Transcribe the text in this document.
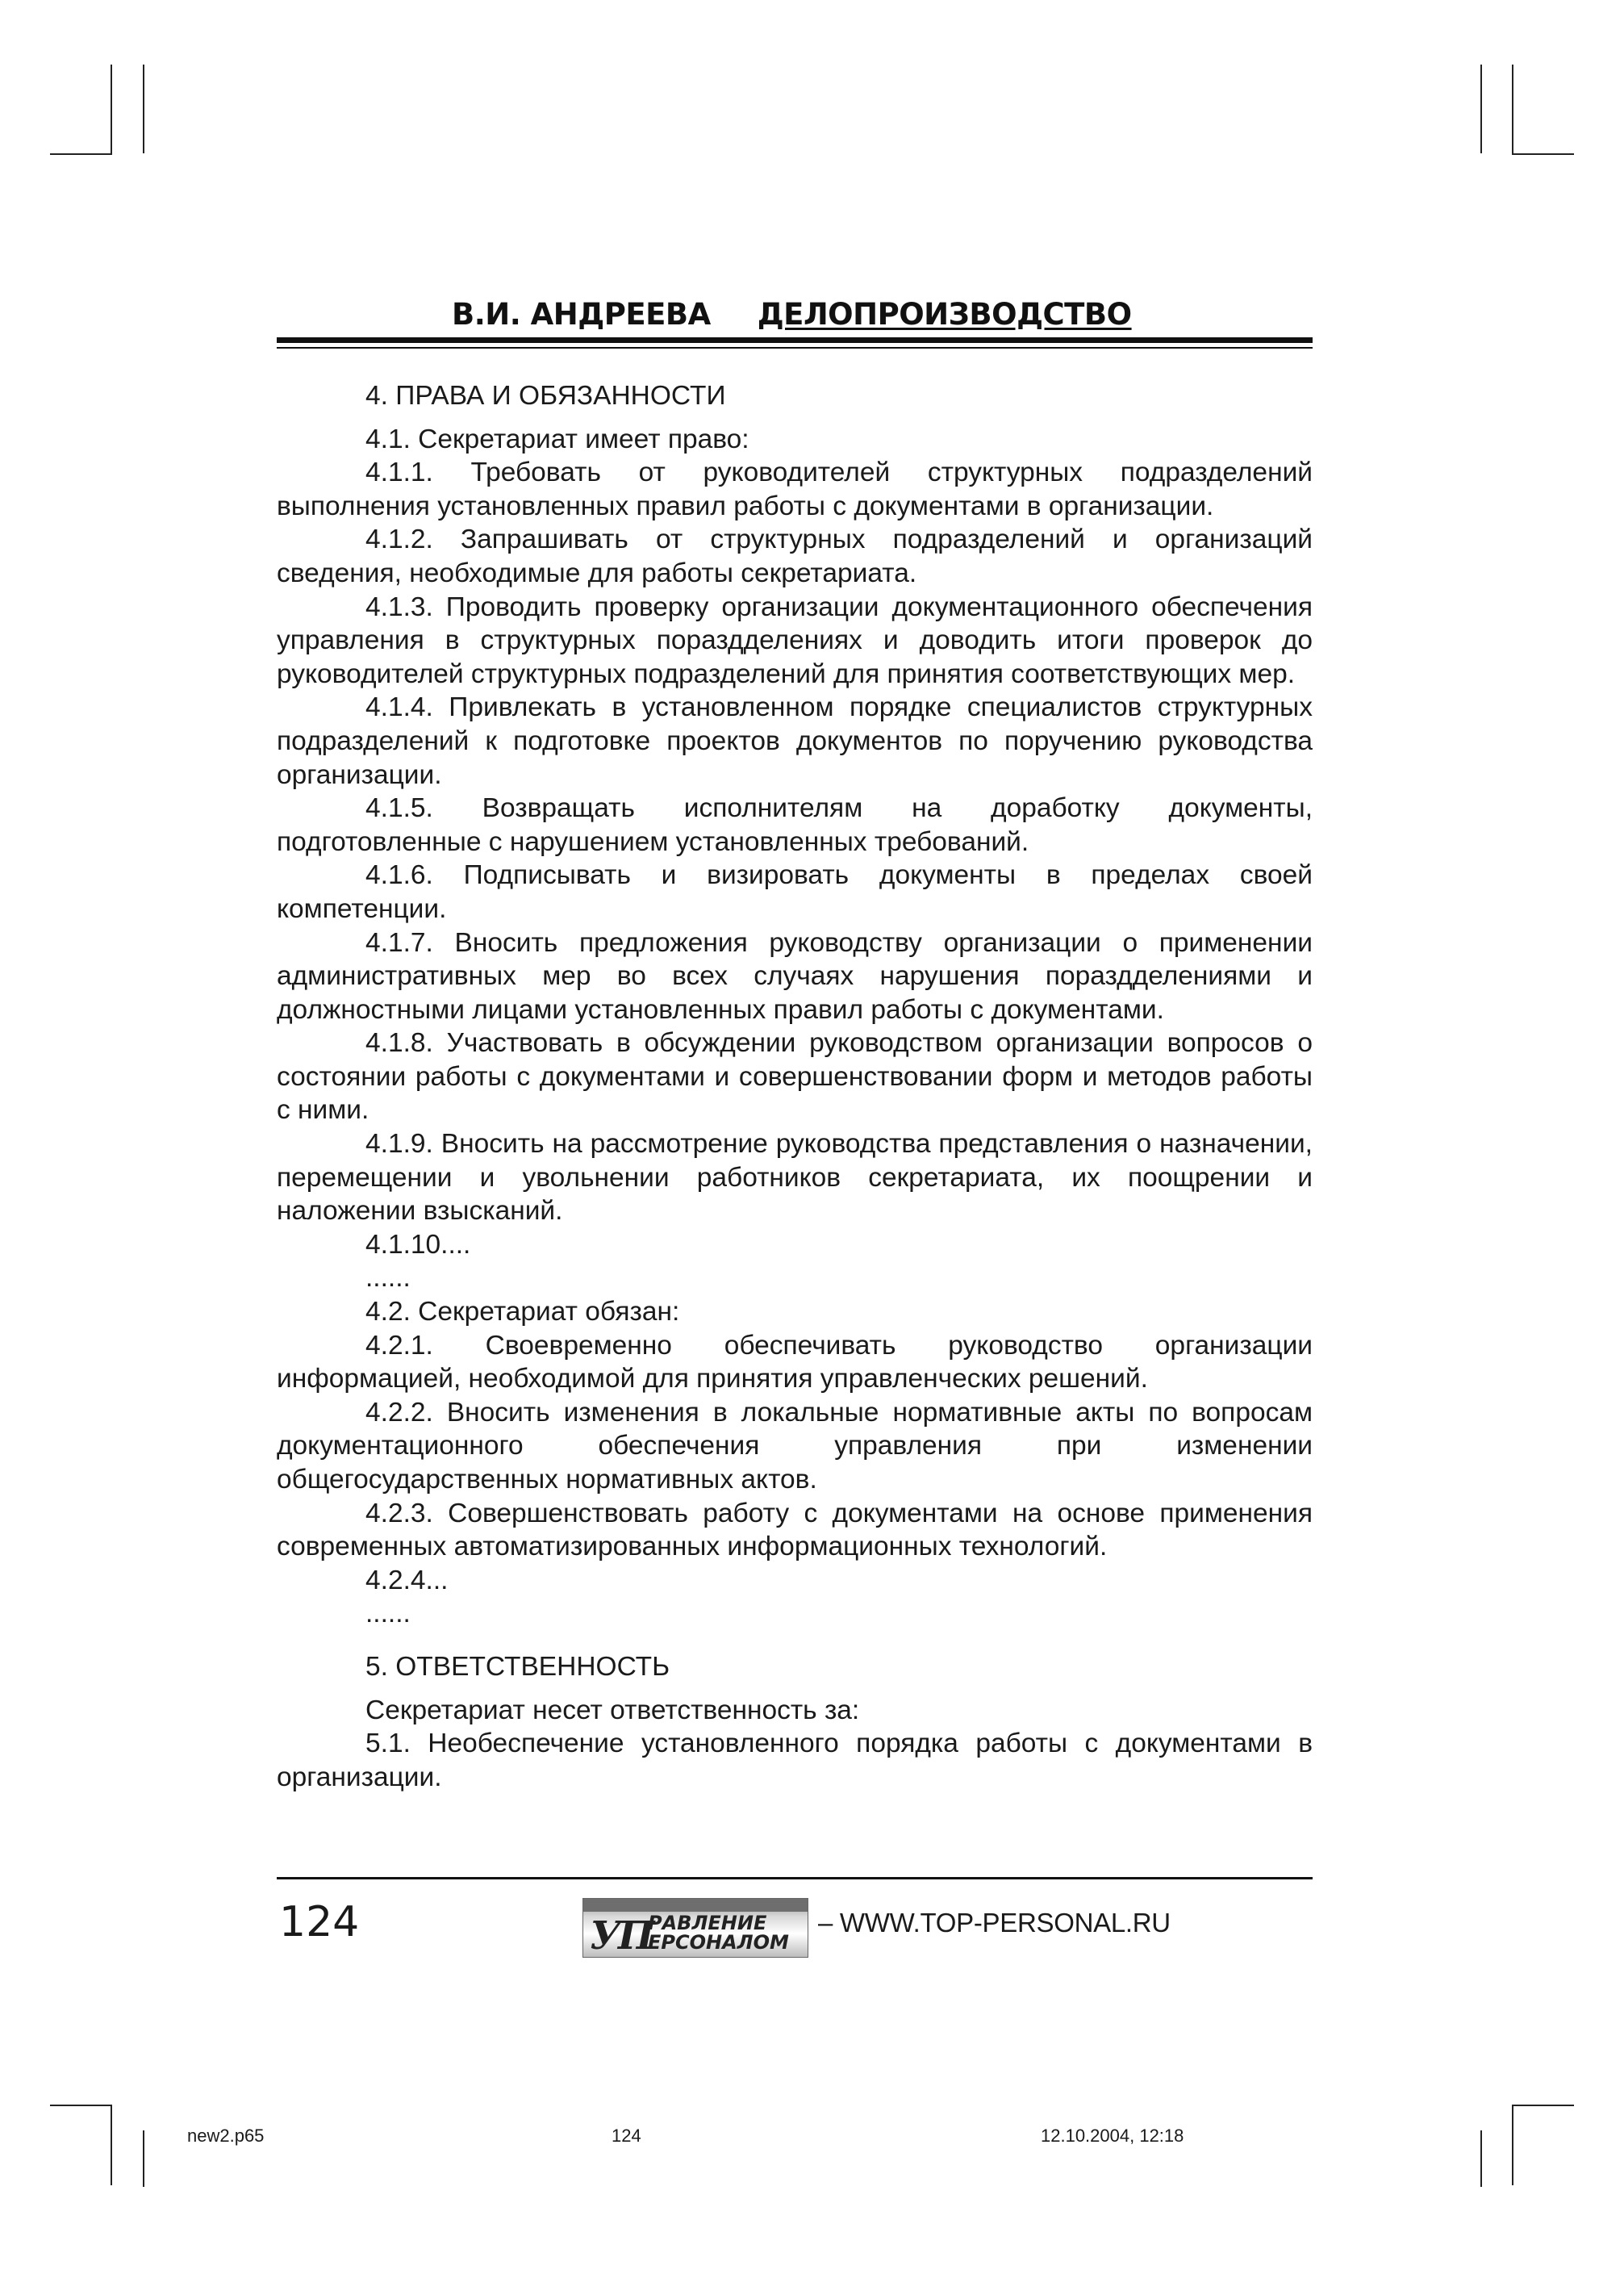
В.И. АНДРЕЕВА ДЕЛОПРОИЗВОДСТВО

4. ПРАВА И ОБЯЗАННОСТИ

4.1. Секретариат имеет право:

4.1.1. Требовать от руководителей структурных подразделений выполнения установленных правил работы с документами в организации.

4.1.2. Запрашивать от структурных подразделений и организаций сведения, необходимые для работы секретариата.

4.1.3. Проводить проверку организации документационного обеспечения управления в структурных пораздделениях и доводить итоги проверок до руководителей структурных подразделений для принятия соответствующих мер.

4.1.4. Привлекать в установленном порядке специалистов структурных подразделений к подготовке проектов документов по поручению руководства организации.

4.1.5. Возвращать исполнителям на доработку документы, подготовленные с нарушением установленных требований.

4.1.6. Подписывать и визировать документы в пределах своей компетенции.

4.1.7. Вносить предложения руководству организации о применении административных мер во всех случаях нарушения пораздделениями и должностными лицами установленных правил работы с документами.

4.1.8. Участвовать в обсуждении руководством организации вопросов о состоянии работы с документами и совершенствовании форм и методов работы с ними.

4.1.9. Вносить на рассмотрение руководства представления о назначении, перемещении и увольнении работников секретариата, их поощрении и наложении взысканий.

4.1.10....

......

4.2. Секретариат обязан:

4.2.1. Своевременно обеспечивать руководство организации информацией, необходимой для принятия управленческих решений.

4.2.2. Вносить изменения в локальные нормативные акты по вопросам документационного обеспечения управления при изменении общегосударственных нормативных актов.

4.2.3. Совершенствовать работу с документами на основе применения современных автоматизированных информационных технологий.

4.2.4...

......

5. ОТВЕТСТВЕННОСТЬ

Секретариат несет ответственность за:

5.1. Необеспечение установленного порядка работы с документами в организации.

124	УП
РАВЛЕНИЕ
ЕРСОНАЛОМ
– WWW.TOP-PERSONAL.RU
new2.p65	124	12.10.2004, 12:18
